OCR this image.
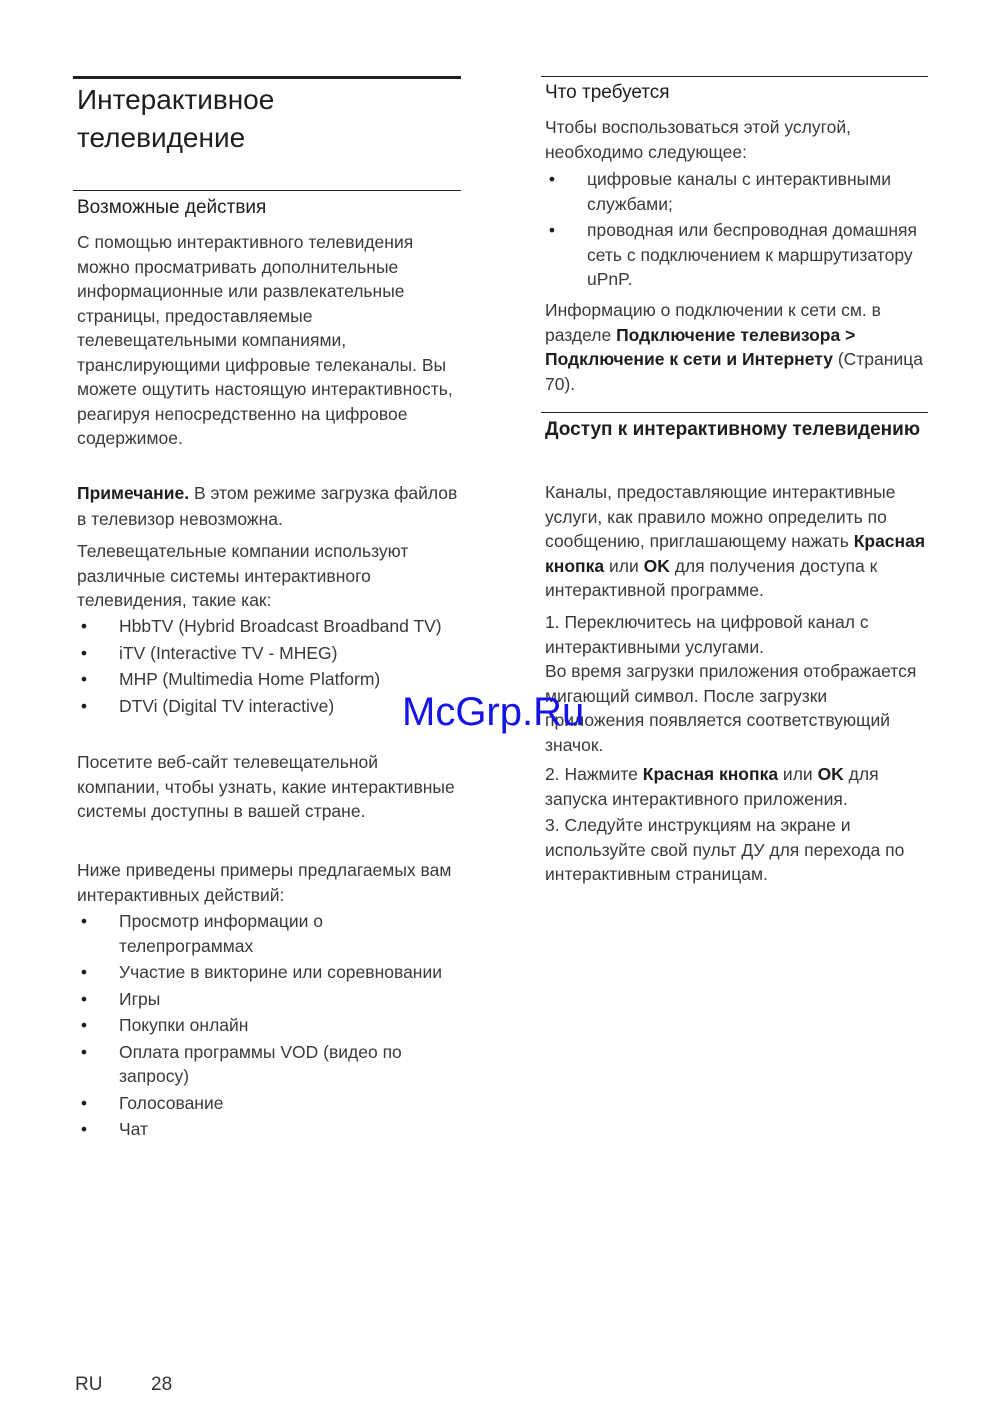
Интерактивное
телевидение
Возможные действия

С помощью интерактивного телевидения можно просматривать дополнительные информационные или развлекательные страницы, предоставляемые телевещательными компаниями, транслирующими цифровые телеканалы. Вы можете ощутить настоящую интерактивность, реагируя непосредственно на цифровое содержимое.

Примечание. В этом режиме загрузка файлов в телевизор невозможна.

Телевещательные компании используют различные системы интерактивного телевидения, такие как:

• HbbTV (Hybrid Broadcast Broadband TV)
• iTV (Interactive TV - MHEG)
• MHP (Multimedia Home Platform)
• DTVi (Digital TV interactive)

Посетите веб-сайт телевещательной компании, чтобы узнать, какие интерактивные системы доступны в вашей стране.

Ниже приведены примеры предлагаемых вам интерактивных действий:

• Просмотр информации о телепрограммах
• Участие в викторине или соревновании
• Игры
• Покупки онлайн
• Оплата программы VOD (видео по запросу)
• Голосование
• Чат
Что требуется

Чтобы воспользоваться этой услугой, необходимо следующее:

• цифровые каналы с интерактивными службами;
• проводная или беспроводная домашняя сеть с подключением к маршрутизатору uPnP.

Информацию о подключении к сети см. в разделе Подключение телевизора > Подключение к сети и Интернету (Страница 70).

Доступ к интерактивному телевидению

Каналы, предоставляющие интерактивные услуги, как правило можно определить по сообщению, приглашающему нажать Красная кнопка или OK для получения доступа к интерактивной программе.

1. Переключитесь на цифровой канал с интерактивными услугами.

Во время загрузки приложения отображается мигающий символ. После загрузки приложения появляется соответствующий значок.

2. Нажмите Красная кнопка или OK для запуска интерактивного приложения.

3. Следуйте инструкциям на экране и используйте свой пульт ДУ для перехода по интерактивным страницам.

McGrp.Ru
RU	28
